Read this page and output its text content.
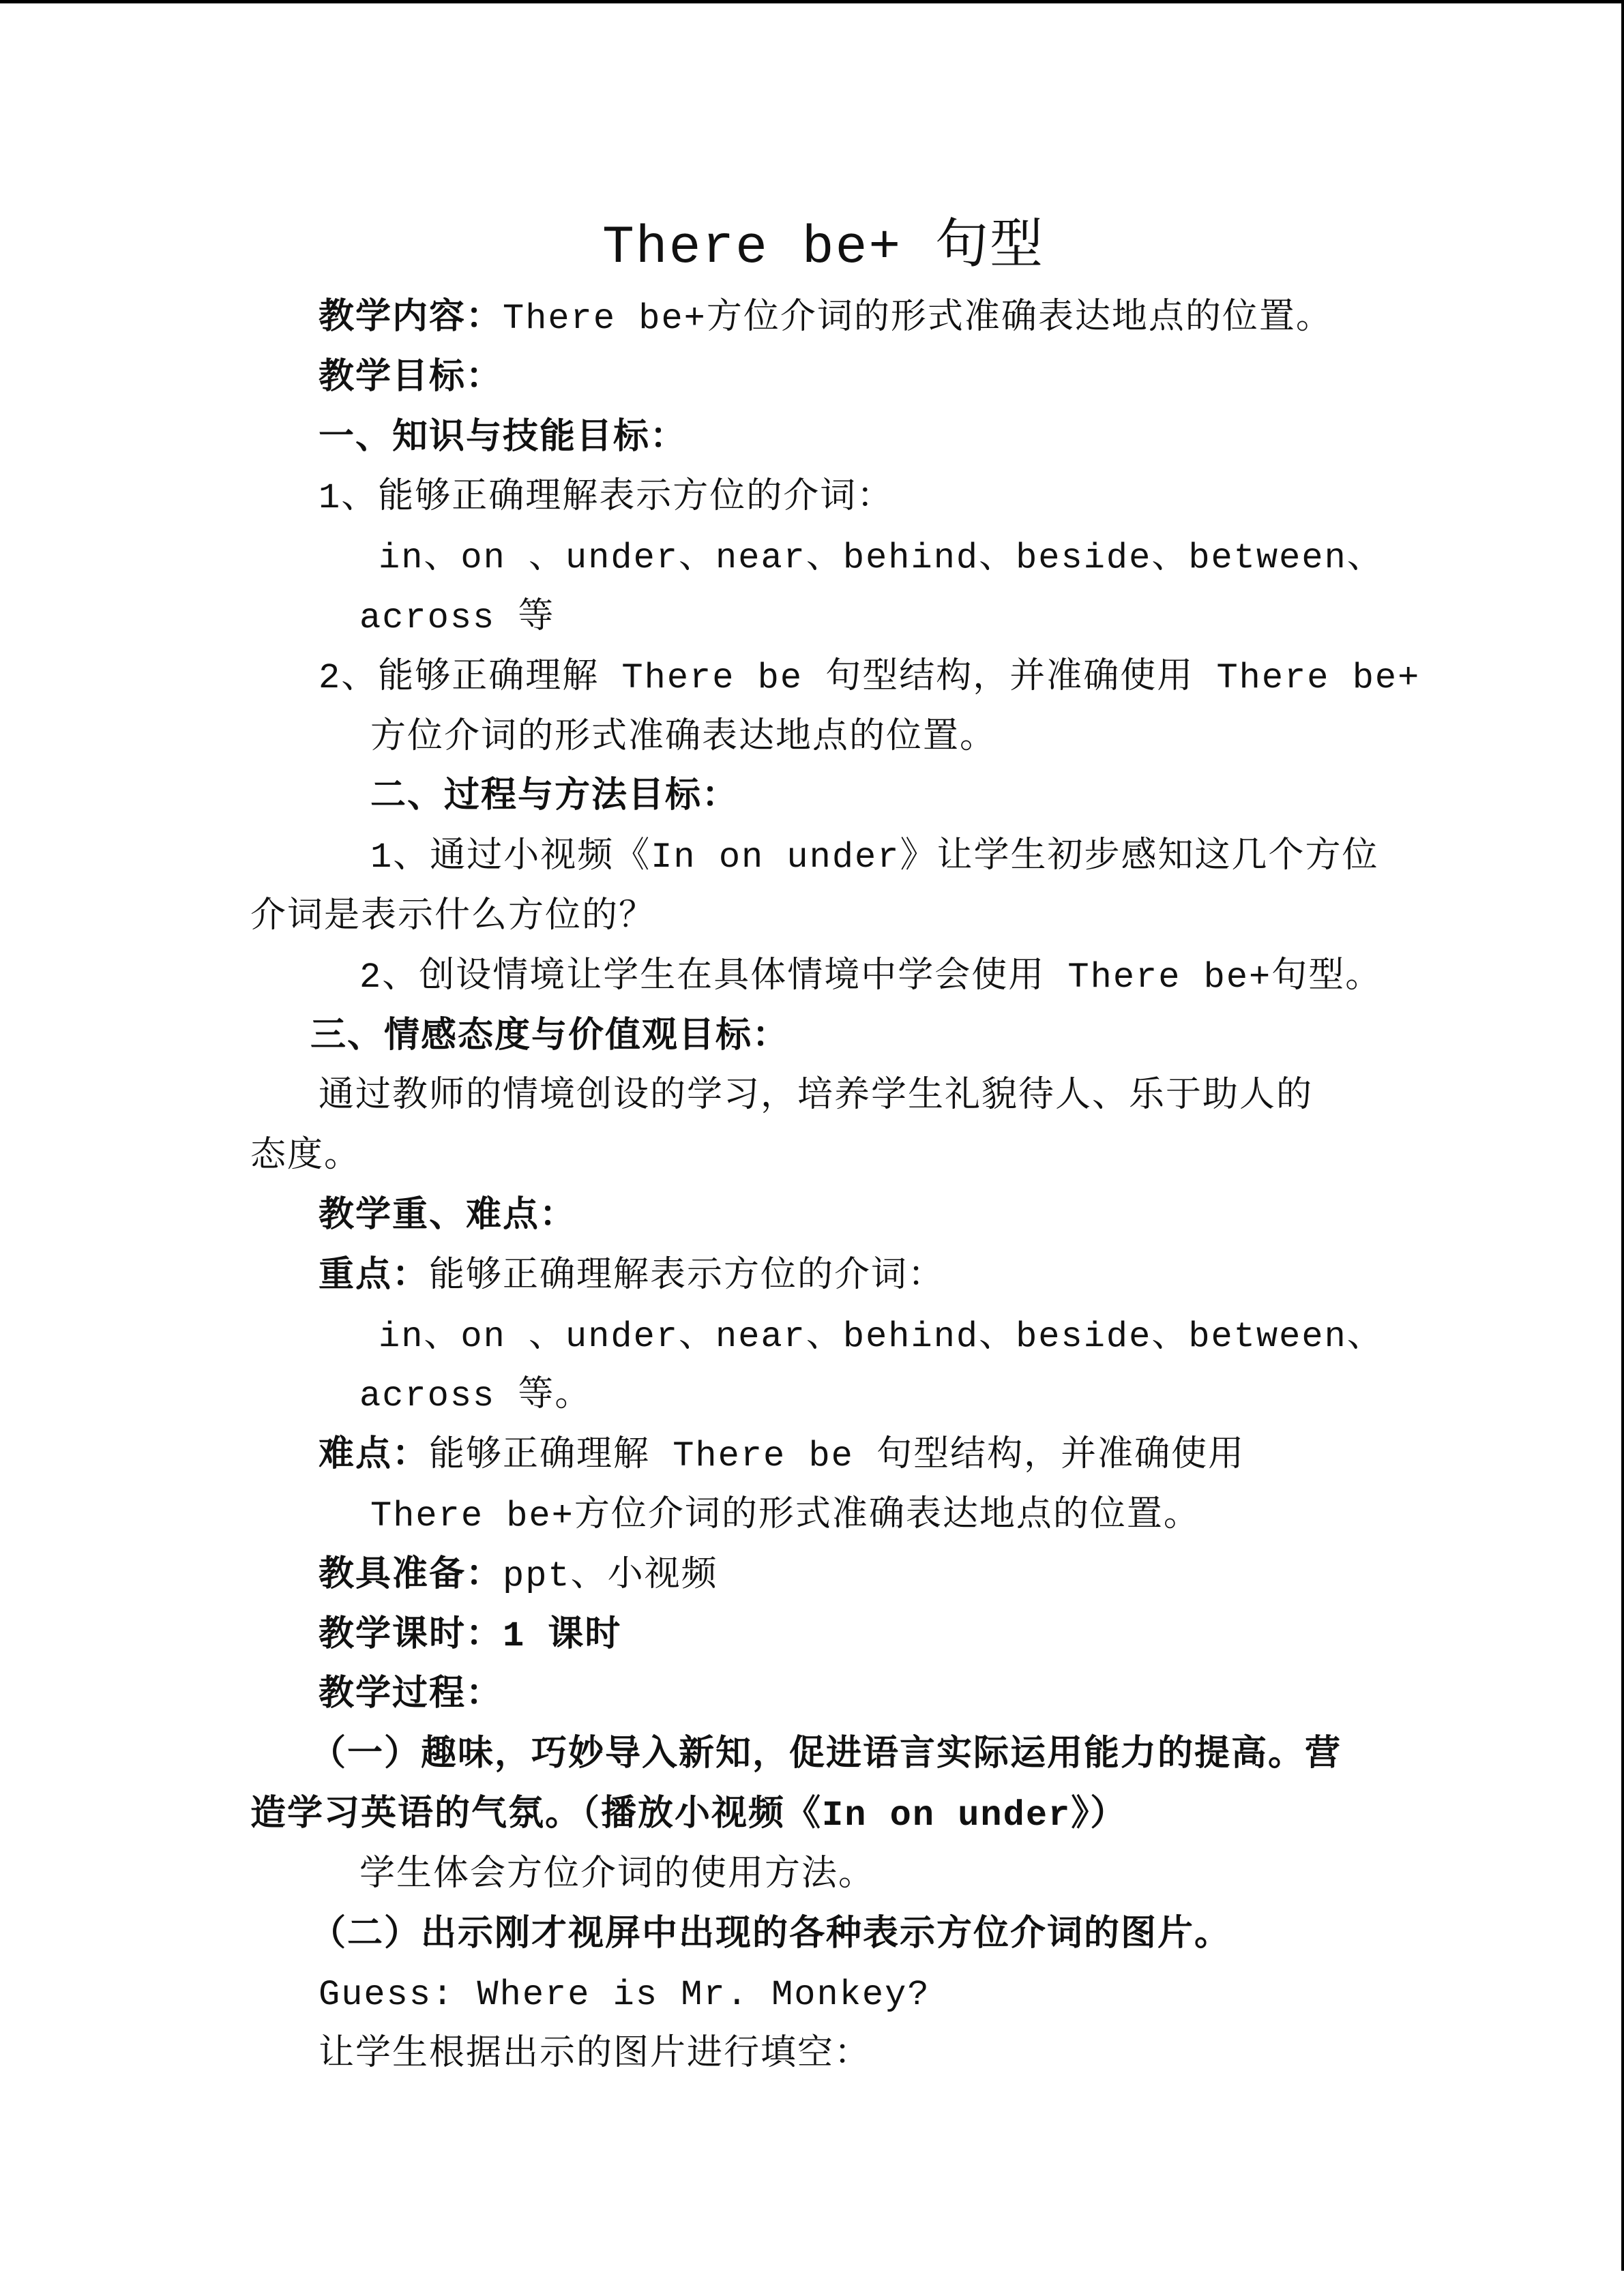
There be+ 句型
教学内容：There be+方位介词的形式准确表达地点的位置。
教学目标：
一、知识与技能目标：
1、能够正确理解表示方位的介词：
in、on 、under、near、behind、beside、between、
across 等
2、能够正确理解 There be 句型结构，并准确使用 There be+
方位介词的形式准确表达地点的位置。
二、过程与方法目标：
1、通过小视频《In on under》让学生初步感知这几个方位
介词是表示什么方位的？
2、创设情境让学生在具体情境中学会使用 There be+句型。
三、情感态度与价值观目标：
通过教师的情境创设的学习，培养学生礼貌待人、乐于助人的
态度。
教学重、难点：
重点：能够正确理解表示方位的介词：
in、on 、under、near、behind、beside、between、
across 等。
难点：能够正确理解 There be 句型结构，并准确使用
There be+方位介词的形式准确表达地点的位置。
教具准备：ppt、小视频
教学课时：1 课时
教学过程：
（一）趣味，巧妙导入新知，促进语言实际运用能力的提高。营
造学习英语的气氛。（播放小视频《In on under》）
学生体会方位介词的使用方法。
（二）出示刚才视屏中出现的各种表示方位介词的图片。
Guess: Where is Mr. Monkey?
让学生根据出示的图片进行填空：
